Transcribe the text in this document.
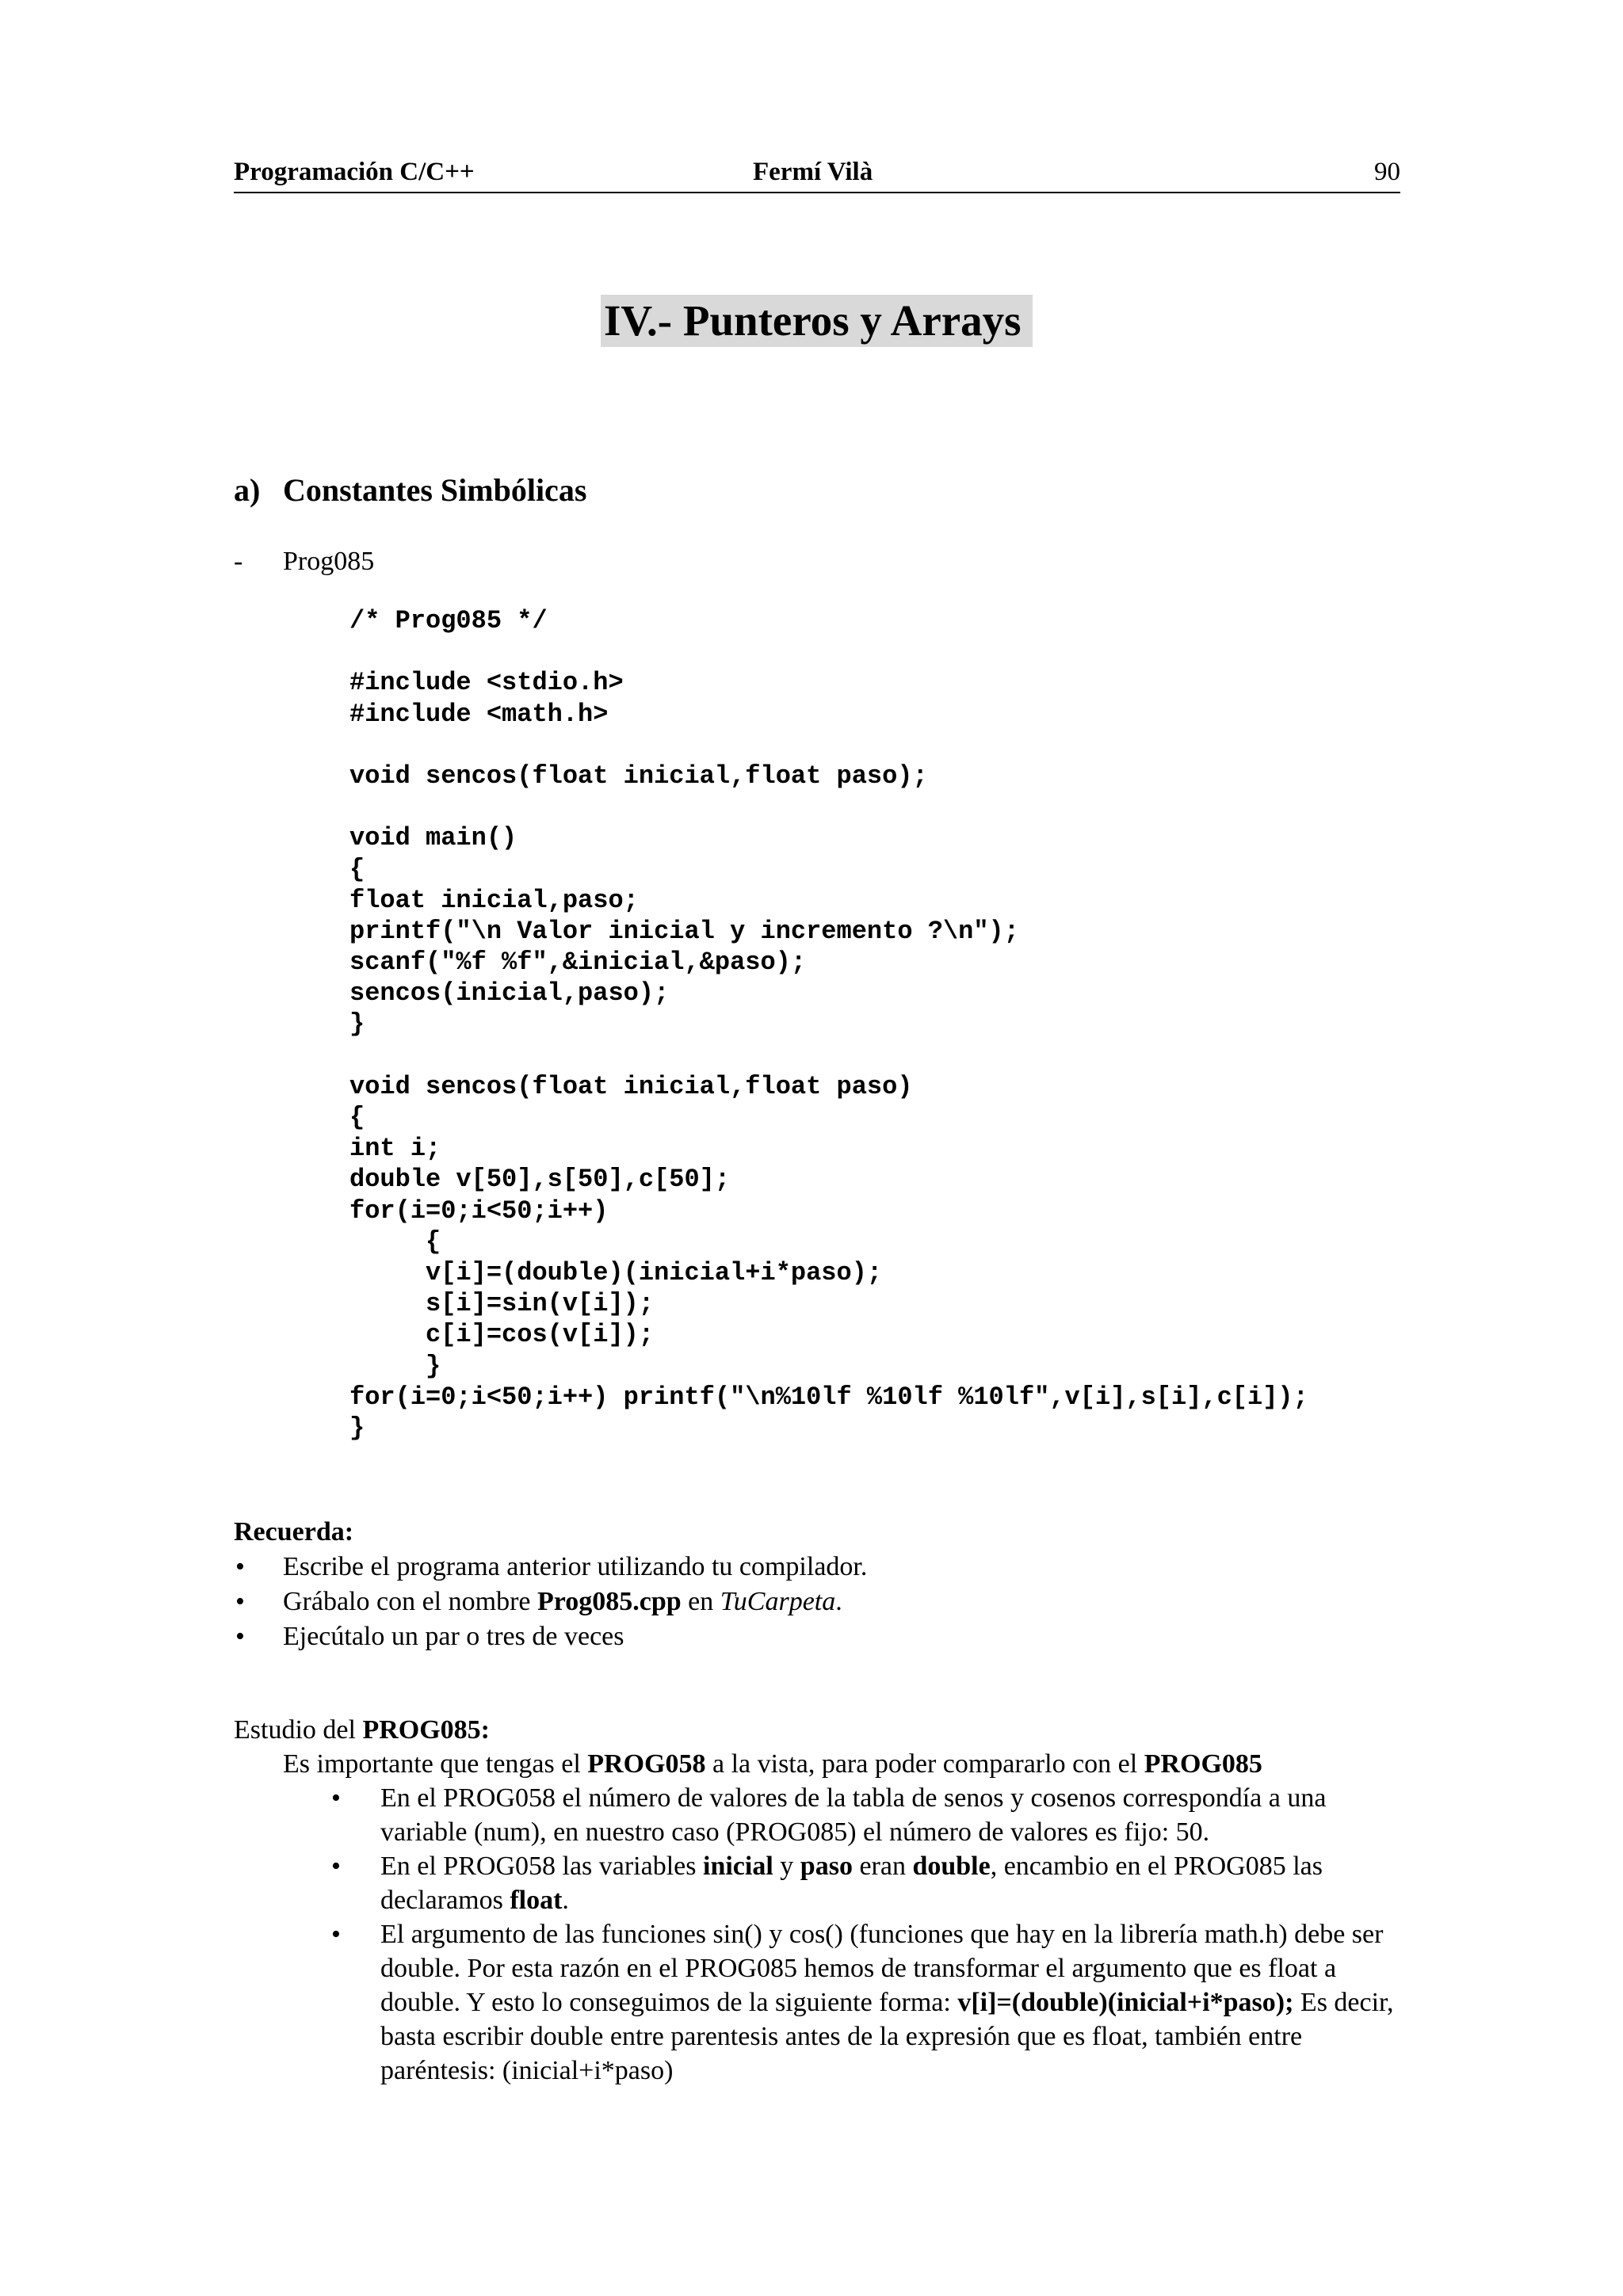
Programación C/C++	Fermí Vilà	90
IV.- Punteros y Arrays
a) Constantes Simbólicas
- Prog085
/* Prog085 */
#include <stdio.h>
#include <math.h>
void sencos(float inicial,float paso);
void main()
{
float inicial,paso;
printf("\n Valor inicial y incremento ?\n");
scanf("%f %f",&inicial,&paso);
sencos(inicial,paso);
}
void sencos(float inicial,float paso)
{
int i;
double v[50],s[50],c[50];
for(i=0;i<50;i++)
{
v[i]=(double)(inicial+i*paso);
s[i]=sin(v[i]);
c[i]=cos(v[i]);
}
for(i=0;i<50;i++) printf("\n%10lf %10lf %10lf",v[i],s[i],c[i]);
}
Recuerda:
• Escribe el programa anterior utilizando tu compilador.
• Grábalo con el nombre Prog085.cpp en TuCarpeta.
• Ejecútalo un par o tres de veces
Estudio del PROG085:
Es importante que tengas el PROG058 a la vista, para poder compararlo con el PROG085
• En el PROG058 el número de valores de la tabla de senos y cosenos correspondía a una variable (num), en nuestro caso (PROG085) el número de valores es fijo: 50.
• En el PROG058 las variables inicial y paso eran double, encambio en el PROG085 las declaramos float.
• El argumento de las funciones sin() y cos() (funciones que hay en la librería math.h) debe ser double. Por esta razón en el PROG085 hemos de transformar el argumento que es float a double. Y esto lo conseguimos de la siguiente forma: v[i]=(double)(inicial+i*paso); Es decir, basta escribir double entre parentesis antes de la expresión que es float, también entre paréntesis: (inicial+i*paso)
